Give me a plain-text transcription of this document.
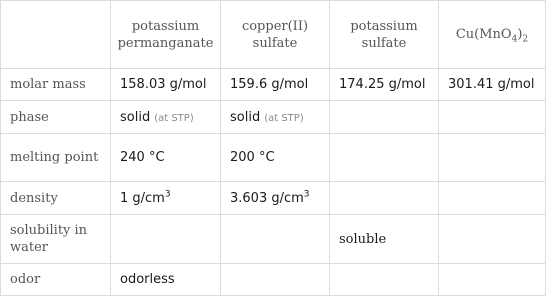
	potassium permanganate	copper(II) sulfate	potassium sulfate	$Cu(MnO_4)_2$
molar mass	158.03 g/mol	159.6 g/mol	174.25 g/mol	301.41 g/mol
phase	solid (at STP)	solid (at STP)		
melting point	240 °C	200 °C		
density	1 $g/cm^3$	3.603 $g/cm^3$		
solubility in water			soluble	
odor	odorless			
